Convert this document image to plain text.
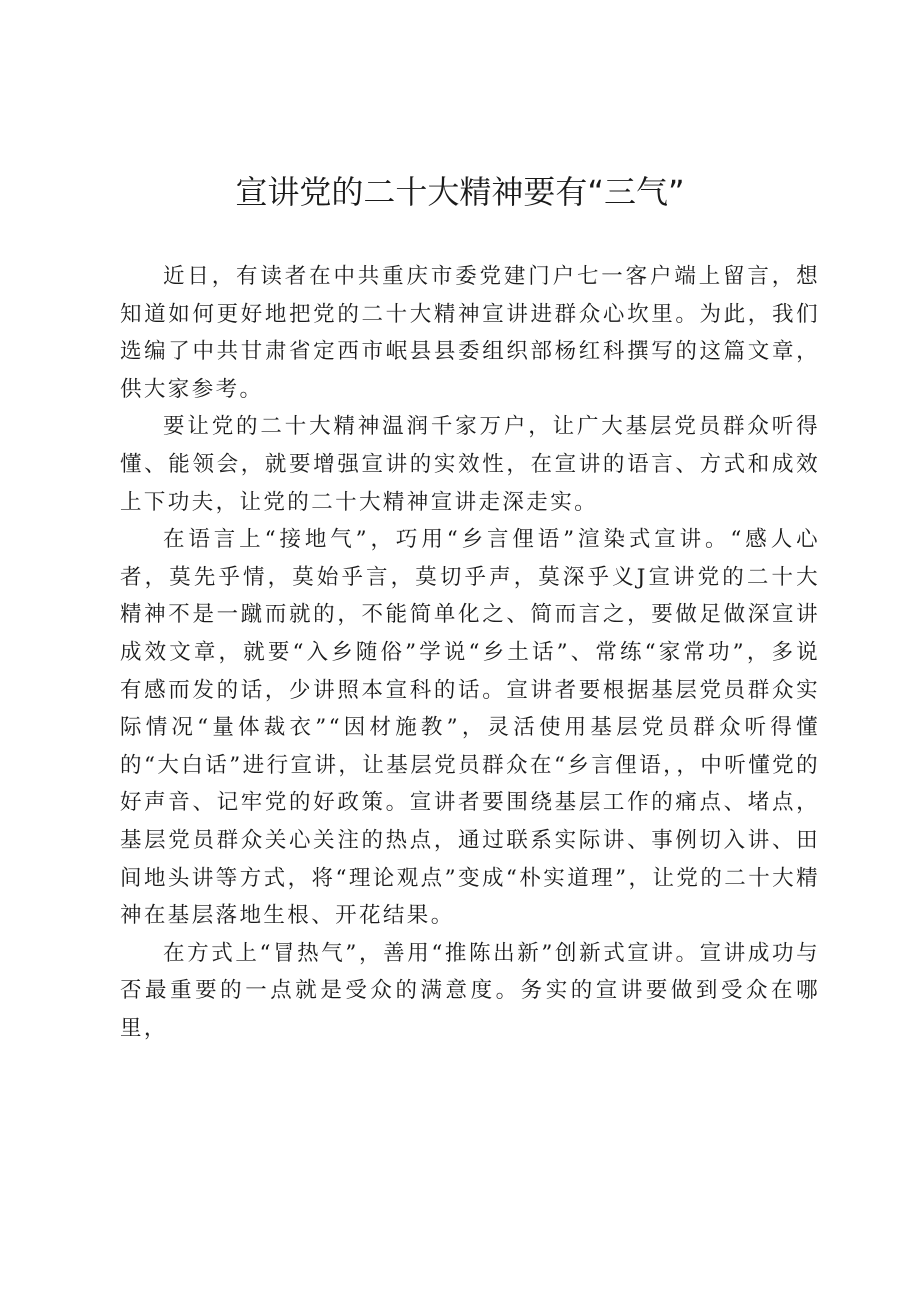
宣讲党的二十大精神要有“三气”

近日，有读者在中共重庆市委党建门户七一客户端上留言，想知道如何更好地把党的二十大精神宣讲进群众心坎里。为此，我们选编了中共甘肃省定西市岷县县委组织部杨红科撰写的这篇文章，供大家参考。

要让党的二十大精神温润千家万户，让广大基层党员群众听得懂、能领会，就要增强宣讲的实效性，在宣讲的语言、方式和成效上下功夫，让党的二十大精神宣讲走深走实。

在语言上“接地气”，巧用“乡言俚语”渲染式宣讲。“感人心者，莫先乎情，莫始乎言，莫切乎声，莫深乎义J宣讲党的二十大精神不是一蹴而就的，不能简单化之、简而言之，要做足做深宣讲成效文章，就要“入乡随俗”学说“乡土话”、常练“家常功”，多说有感而发的话，少讲照本宣科的话。宣讲者要根据基层党员群众实际情况“量体裁衣”“因材施教”，灵活使用基层党员群众听得懂的“大白话”进行宣讲，让基层党员群众在“乡言俚语，，中听懂党的好声音、记牢党的好政策。宣讲者要围绕基层工作的痛点、堵点，基层党员群众关心关注的热点，通过联系实际讲、事例切入讲、田间地头讲等方式，将“理论观点”变成“朴实道理”，让党的二十大精神在基层落地生根、开花结果。

在方式上“冒热气”，善用“推陈出新”创新式宣讲。宣讲成功与否最重要的一点就是受众的满意度。务实的宣讲要做到受众在哪里，
